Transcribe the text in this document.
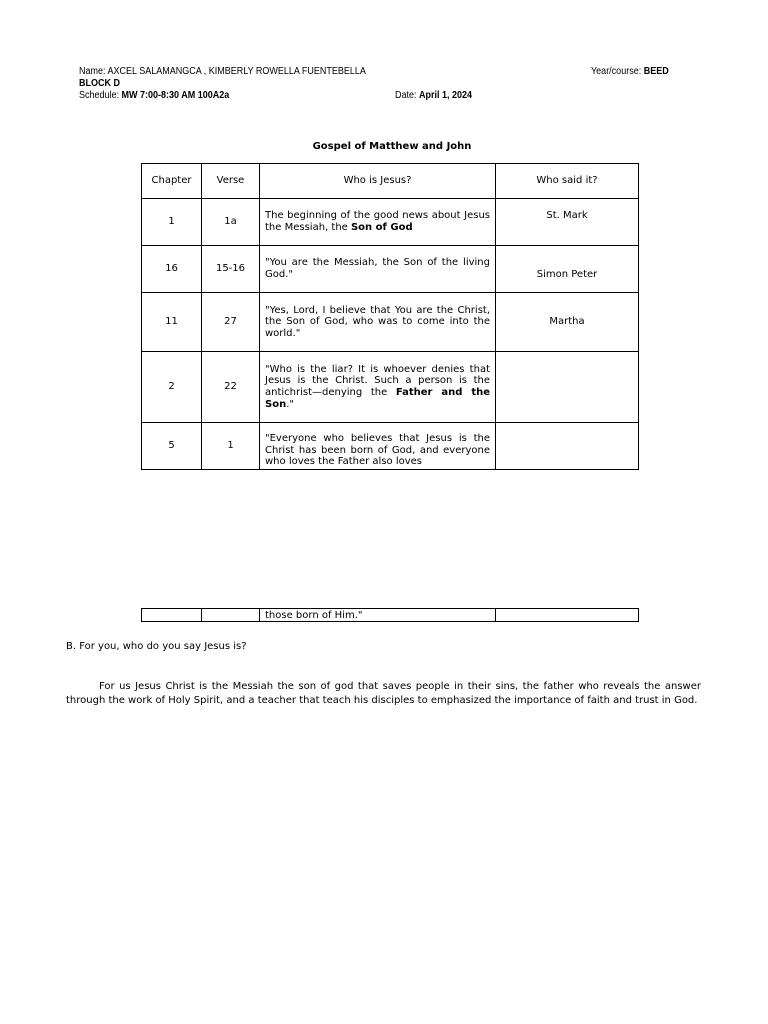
Name: AXCEL SALAMANGCA , KIMBERLY ROWELLA FUENTEBELLA	Year/course: BEED
BLOCK D
Schedule: MW 7:00-8:30 AM 100A2a	Date: April 1, 2024
Gospel of Matthew and John
Chapter	Verse	Who is Jesus?	Who said it?
1	1a	The beginning of the good news about Jesus the Messiah, the Son of God	St. Mark
16	15-16	"You are the Messiah, the Son of the living God."	Simon Peter
11	27	"Yes, Lord, I believe that You are the Christ, the Son of God, who was to come into the world."	Martha
2	22	"Who is the liar? It is whoever denies that Jesus is the Christ. Such a person is the antichrist—denying the Father and the Son."	
5	1	"Everyone who believes that Jesus is the Christ has been born of God, and everyone who loves the Father also loves	

		those born of Him."	
B. For you, who do you say Jesus is?
For us Jesus Christ is the Messiah the son of god that saves people in their sins, the father who reveals the answer through the work of Holy Spirit, and a teacher that teach his disciples to emphasized the importance of faith and trust in God.
